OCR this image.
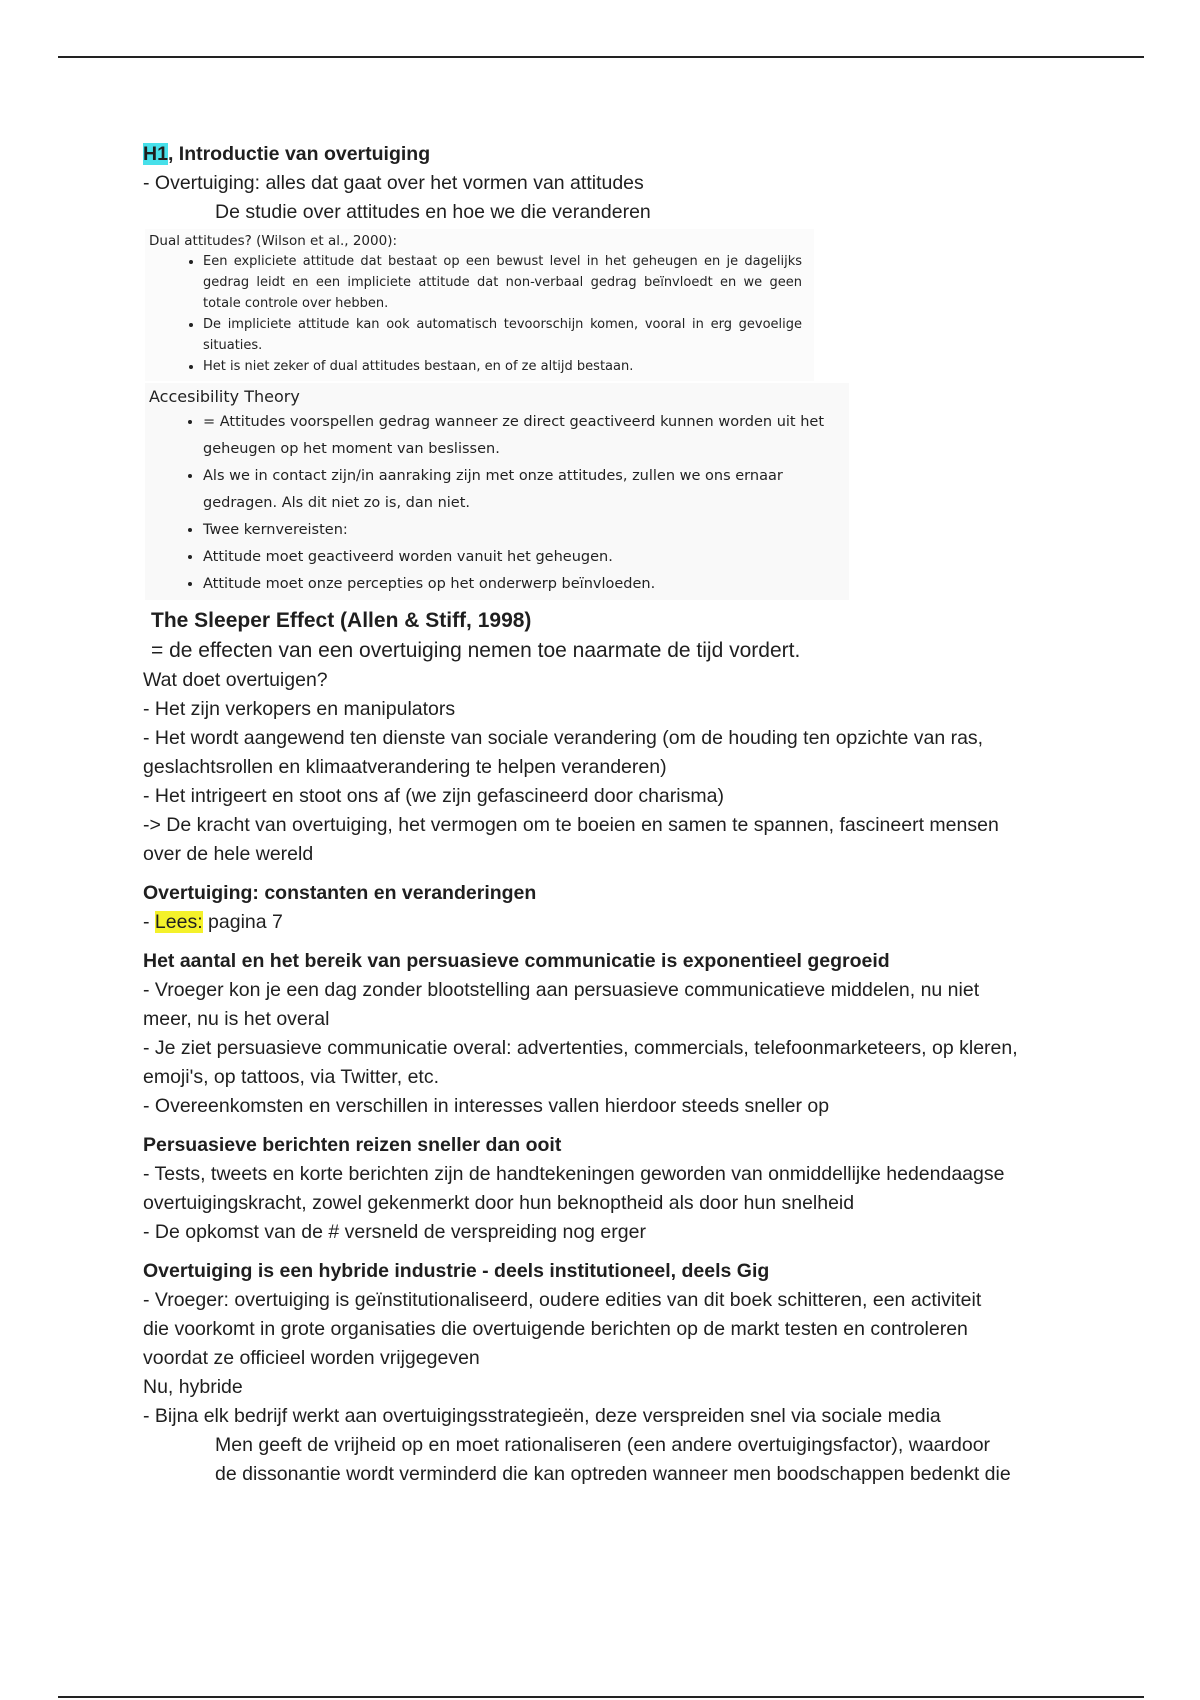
H1, Introductie van overtuiging
- Overtuiging: alles dat gaat over het vormen van attitudes
De studie over attitudes en hoe we die veranderen
Dual attitudes? (Wilson et al., 2000):
• Een expliciete attitude dat bestaat op een bewust level in het geheugen en je dagelijks gedrag leidt en een impliciete attitude dat non-verbaal gedrag beïnvloedt en we geen totale controle over hebben.
• De impliciete attitude kan ook automatisch tevoorschijn komen, vooral in erg gevoelige situaties.
• Het is niet zeker of dual attitudes bestaan, en of ze altijd bestaan.
Accesibility Theory
• = Attitudes voorspellen gedrag wanneer ze direct geactiveerd kunnen worden uit het geheugen op het moment van beslissen.
• Als we in contact zijn/in aanraking zijn met onze attitudes, zullen we ons ernaar gedragen. Als dit niet zo is, dan niet.
• Twee kernvereisten:
• Attitude moet geactiveerd worden vanuit het geheugen.
• Attitude moet onze percepties op het onderwerp beïnvloeden.
The Sleeper Effect (Allen & Stiff, 1998)
= de effecten van een overtuiging nemen toe naarmate de tijd vordert.
Wat doet overtuigen?
- Het zijn verkopers en manipulators
- Het wordt aangewend ten dienste van sociale verandering (om de houding ten opzichte van ras,
geslachtsrollen en klimaatverandering te helpen veranderen)
- Het intrigeert en stoot ons af (we zijn gefascineerd door charisma)
-> De kracht van overtuiging, het vermogen om te boeien en samen te spannen, fascineert mensen
over de hele wereld
Overtuiging: constanten en veranderingen
- Lees: pagina 7
Het aantal en het bereik van persuasieve communicatie is exponentieel gegroeid
- Vroeger kon je een dag zonder blootstelling aan persuasieve communicatieve middelen, nu niet
meer, nu is het overal
- Je ziet persuasieve communicatie overal: advertenties, commercials, telefoonmarketeers, op kleren,
emoji's, op tattoos, via Twitter, etc.
- Overeenkomsten en verschillen in interesses vallen hierdoor steeds sneller op
Persuasieve berichten reizen sneller dan ooit
- Tests, tweets en korte berichten zijn de handtekeningen geworden van onmiddellijke hedendaagse
overtuigingskracht, zowel gekenmerkt door hun beknoptheid als door hun snelheid
- De opkomst van de # versneld de verspreiding nog erger
Overtuiging is een hybride industrie - deels institutioneel, deels Gig
- Vroeger: overtuiging is geïnstitutionaliseerd, oudere edities van dit boek schitteren, een activiteit
die voorkomt in grote organisaties die overtuigende berichten op de markt testen en controleren
voordat ze officieel worden vrijgegeven
Nu, hybride
- Bijna elk bedrijf werkt aan overtuigingsstrategieën, deze verspreiden snel via sociale media
Men geeft de vrijheid op en moet rationaliseren (een andere overtuigingsfactor), waardoor
de dissonantie wordt verminderd die kan optreden wanneer men boodschappen bedenkt die
